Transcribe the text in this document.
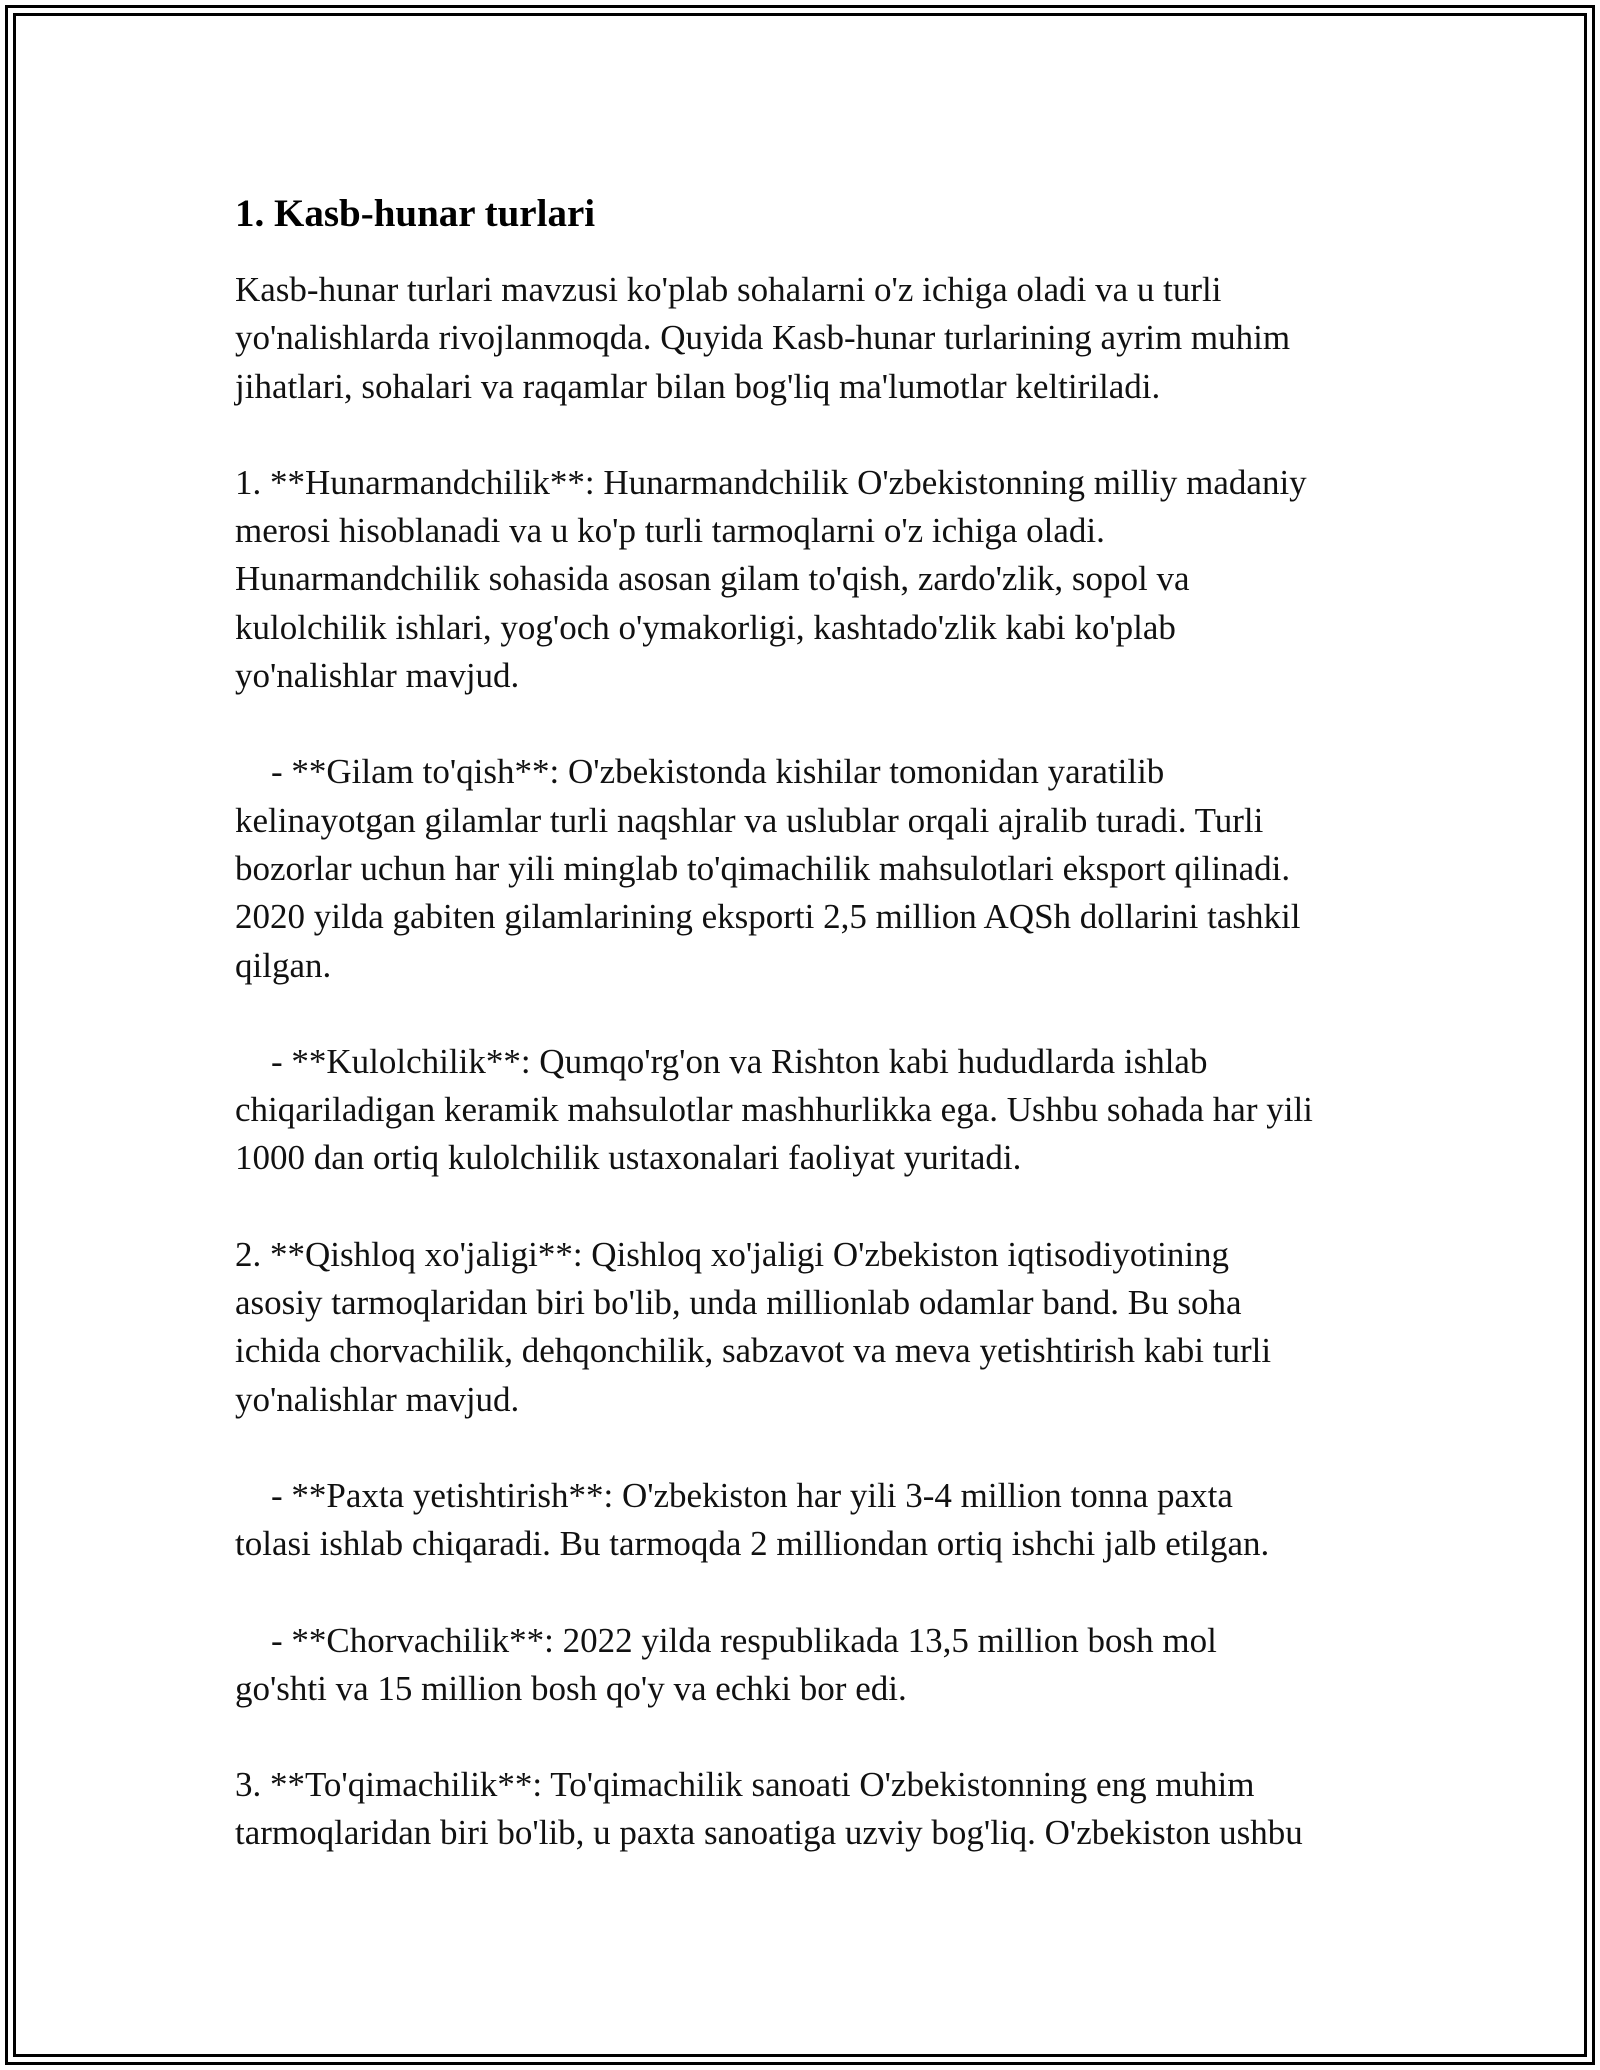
1. Kasb-hunar turlari

Kasb-hunar turlari mavzusi ko'plab sohalarni o'z ichiga oladi va u turli
yo'nalishlarda rivojlanmoqda. Quyida Kasb-hunar turlarining ayrim muhim
jihatlari, sohalari va raqamlar bilan bog'liq ma'lumotlar keltiriladi.

1. **Hunarmandchilik**: Hunarmandchilik O'zbekistonning milliy madaniy
merosi hisoblanadi va u ko'p turli tarmoqlarni o'z ichiga oladi.
Hunarmandchilik sohasida asosan gilam to'qish, zardo'zlik, sopol va
kulolchilik ishlari, yog'och o'ymakorligi, kashtado'zlik kabi ko'plab
yo'nalishlar mavjud.

- **Gilam to'qish**: O'zbekistonda kishilar tomonidan yaratilib
kelinayotgan gilamlar turli naqshlar va uslublar orqali ajralib turadi. Turli
bozorlar uchun har yili minglab to'qimachilik mahsulotlari eksport qilinadi.
2020 yilda gabiten gilamlarining eksporti 2,5 million AQSh dollarini tashkil
qilgan.

- **Kulolchilik**: Qumqo'rg'on va Rishton kabi hududlarda ishlab
chiqariladigan keramik mahsulotlar mashhurlikka ega. Ushbu sohada har yili
1000 dan ortiq kulolchilik ustaxonalari faoliyat yuritadi.

2. **Qishloq xo'jaligi**: Qishloq xo'jaligi O'zbekiston iqtisodiyotining
asosiy tarmoqlaridan biri bo'lib, unda millionlab odamlar band. Bu soha
ichida chorvachilik, dehqonchilik, sabzavot va meva yetishtirish kabi turli
yo'nalishlar mavjud.

- **Paxta yetishtirish**: O'zbekiston har yili 3-4 million tonna paxta
tolasi ishlab chiqaradi. Bu tarmoqda 2 milliondan ortiq ishchi jalb etilgan.

- **Chorvachilik**: 2022 yilda respublikada 13,5 million bosh mol
go'shti va 15 million bosh qo'y va echki bor edi.

3. **To'qimachilik**: To'qimachilik sanoati O'zbekistonning eng muhim
tarmoqlaridan biri bo'lib, u paxta sanoatiga uzviy bog'liq. O'zbekiston ushbu
